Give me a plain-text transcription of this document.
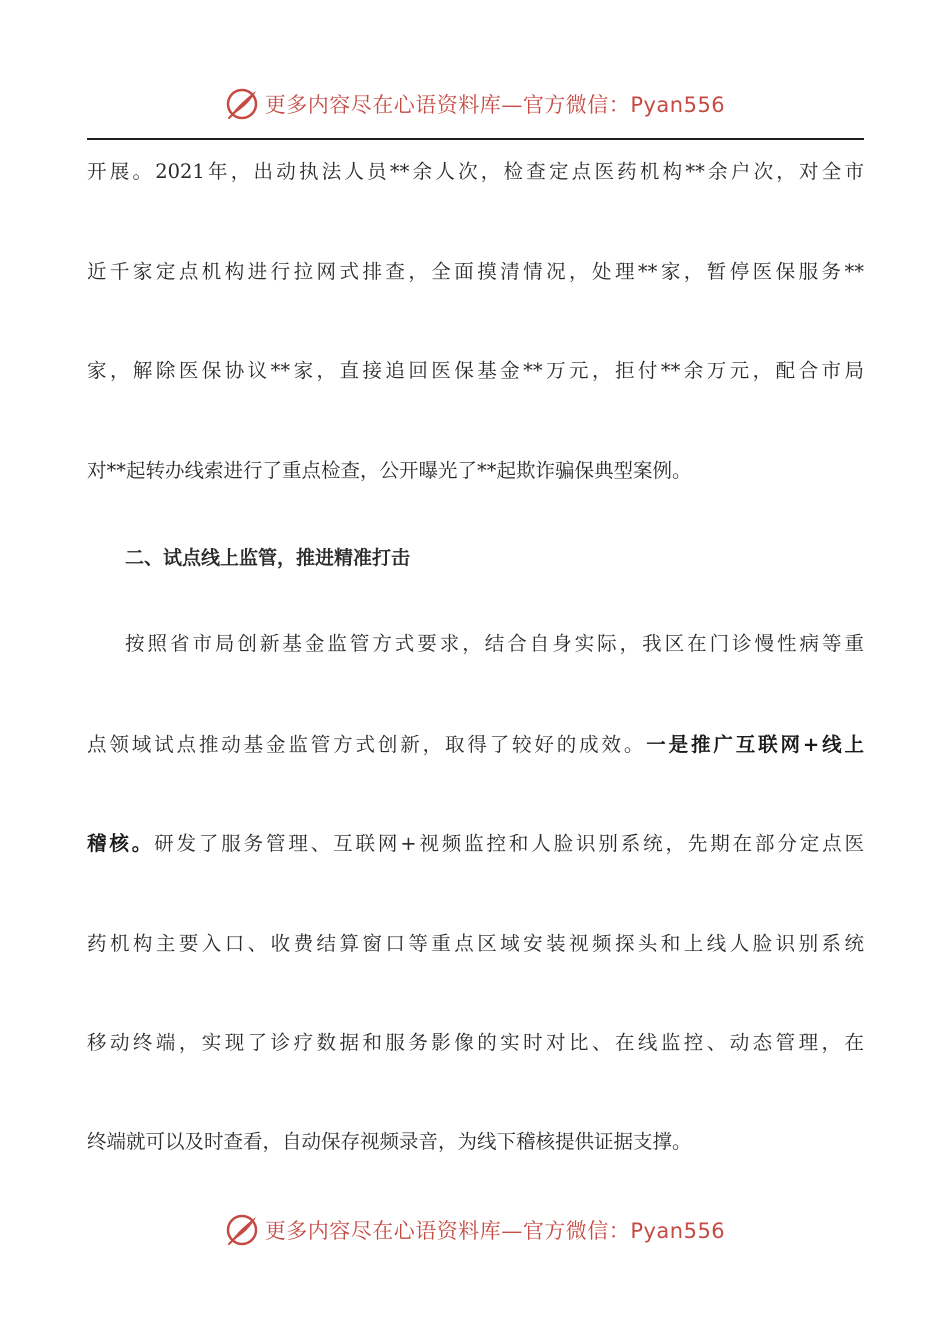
更多内容尽在心语资料库—官方微信：Pyan556
开展。2021年，出动执法人员**余人次，检查定点医药机构**余户次，对全市
近千家定点机构进行拉网式排查，全面摸清情况，处理**家，暂停医保服务**
家，解除医保协议**家，直接追回医保基金**万元，拒付**余万元，配合市局
对**起转办线索进行了重点检查，公开曝光了**起欺诈骗保典型案例。
二、试点线上监管，推进精准打击
按照省市局创新基金监管方式要求，结合自身实际，我区在门诊慢性病等重
点领域试点推动基金监管方式创新，取得了较好的成效。一是推广互联网+线上
稽核。研发了服务管理、互联网+视频监控和人脸识别系统，先期在部分定点医
药机构主要入口、收费结算窗口等重点区域安装视频探头和上线人脸识别系统
移动终端，实现了诊疗数据和服务影像的实时对比、在线监控、动态管理，在
终端就可以及时查看，自动保存视频录音，为线下稽核提供证据支撑。
更多内容尽在心语资料库—官方微信：Pyan556
